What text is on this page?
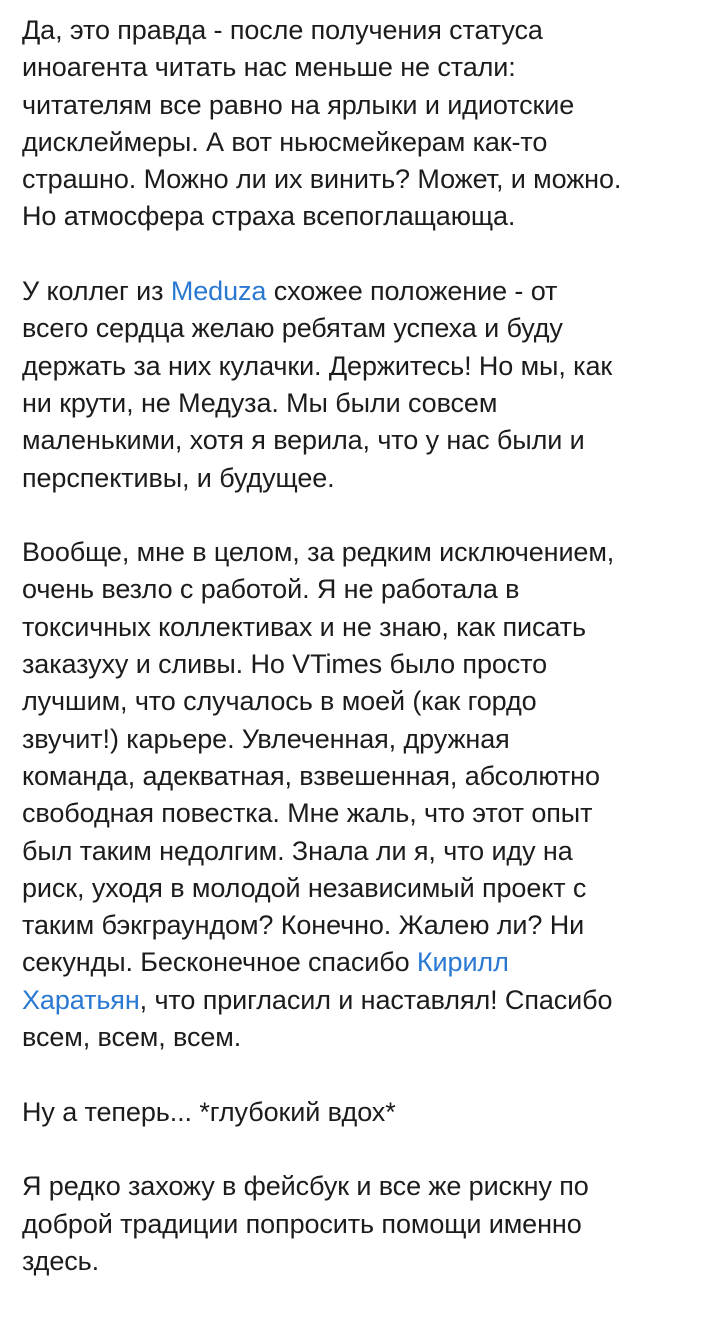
Да, это правда - после получения статуса
иноагента читать нас меньше не стали:
читателям все равно на ярлыки и идиотские
дисклеймеры. А вот ньюсмейкерам как-то
страшно. Можно ли их винить? Может, и можно.
Но атмосфера страха всепоглащающа.
У коллег из Meduza схожее положение - от
всего сердца желаю ребятам успеха и буду
держать за них кулачки. Держитесь! Но мы, как
ни крути, не Медуза. Мы были совсем
маленькими, хотя я верила, что у нас были и
перспективы, и будущее.
Вообще, мне в целом, за редким исключением,
очень везло с работой. Я не работала в
токсичных коллективах и не знаю, как писать
заказуху и сливы. Но VTimes было просто
лучшим, что случалось в моей (как гордо
звучит!) карьере. Увлеченная, дружная
команда, адекватная, взвешенная, абсолютно
свободная повестка. Мне жаль, что этот опыт
был таким недолгим. Знала ли я, что иду на
риск, уходя в молодой независимый проект с
таким бэкграундом? Конечно. Жалею ли? Ни
секунды. Бесконечное спасибо Кирилл
Харатьян, что пригласил и наставлял! Спасибо
всем, всем, всем.
Ну а теперь... *глубокий вдох*
Я редко захожу в фейсбук и все же рискну по
доброй традиции попросить помощи именно
здесь.
